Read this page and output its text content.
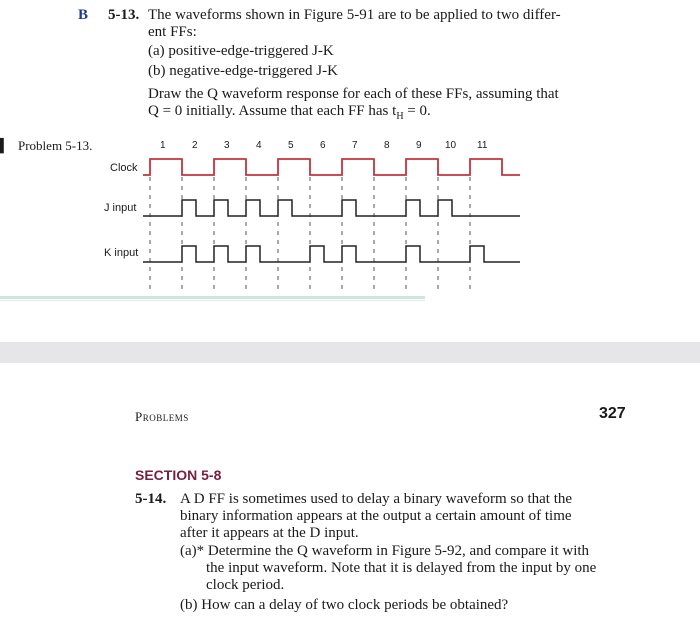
B 5-13. The waveforms shown in Figure 5-91 are to be applied to two differ-
ent FFs:
(a) positive-edge-triggered J-K
(b) negative-edge-triggered J-K
Draw the Q waveform response for each of these FFs, assuming that
Q = 0 initially. Assume that each FF has $t_H = 0$.
▍ Problem 5-13.	1	2	3	4	5	6	7	8	9 10 11
Clock
J input
K input
Problems	327
SECTION 5-8
5-14. A D FF is sometimes used to delay a binary waveform so that the
binary information appears at the output a certain amount of time
after it appears at the D input.
(a)* Determine the Q waveform in Figure 5-92, and compare it with
the input waveform. Note that it is delayed from the input by one
clock period.
(b) How can a delay of two clock periods be obtained?
